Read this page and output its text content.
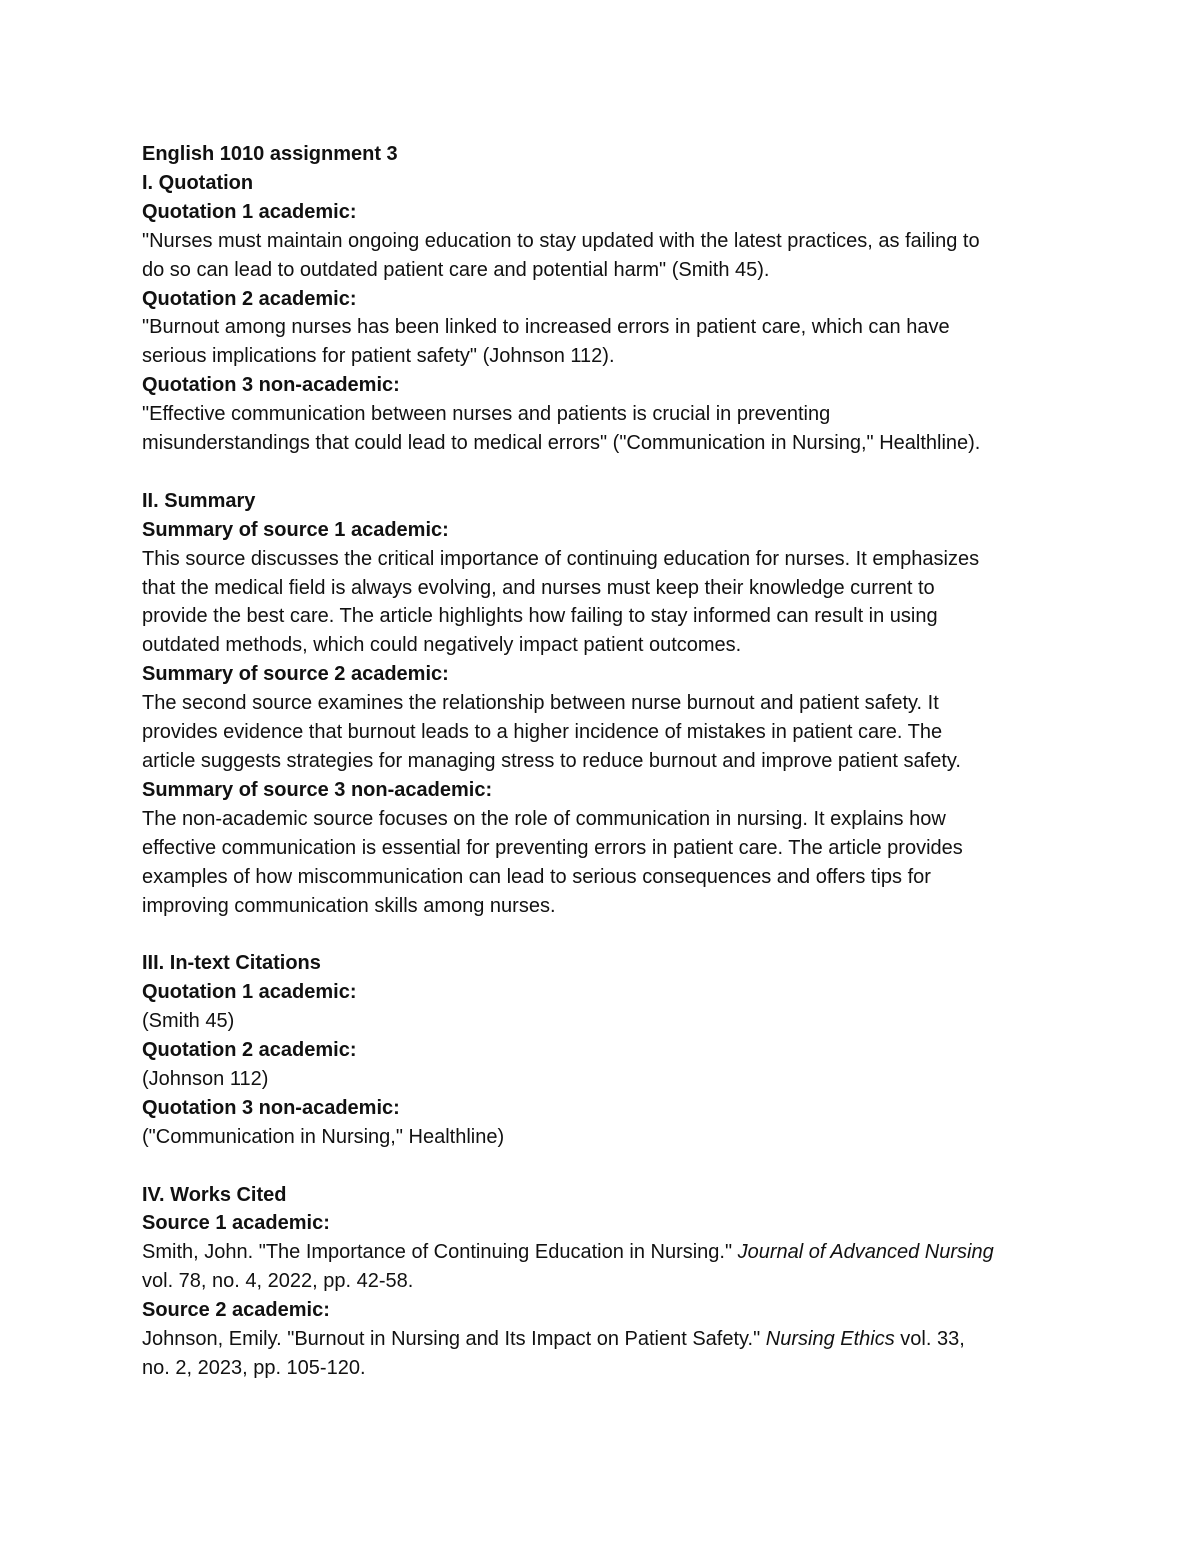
English 1010 assignment 3
I. Quotation
Quotation 1 academic:
"Nurses must maintain ongoing education to stay updated with the latest practices, as failing to
do so can lead to outdated patient care and potential harm" (Smith 45).
Quotation 2 academic:
"Burnout among nurses has been linked to increased errors in patient care, which can have
serious implications for patient safety" (Johnson 112).
Quotation 3 non-academic:
"Effective communication between nurses and patients is crucial in preventing
misunderstandings that could lead to medical errors" ("Communication in Nursing," Healthline).
II. Summary
Summary of source 1 academic:
This source discusses the critical importance of continuing education for nurses. It emphasizes
that the medical field is always evolving, and nurses must keep their knowledge current to
provide the best care. The article highlights how failing to stay informed can result in using
outdated methods, which could negatively impact patient outcomes.
Summary of source 2 academic:
The second source examines the relationship between nurse burnout and patient safety. It
provides evidence that burnout leads to a higher incidence of mistakes in patient care. The
article suggests strategies for managing stress to reduce burnout and improve patient safety.
Summary of source 3 non-academic:
The non-academic source focuses on the role of communication in nursing. It explains how
effective communication is essential for preventing errors in patient care. The article provides
examples of how miscommunication can lead to serious consequences and offers tips for
improving communication skills among nurses.
III. In-text Citations
Quotation 1 academic:
(Smith 45)
Quotation 2 academic:
(Johnson 112)
Quotation 3 non-academic:
("Communication in Nursing," Healthline)
IV. Works Cited
Source 1 academic:
Smith, John. "The Importance of Continuing Education in Nursing." Journal of Advanced Nursing
vol. 78, no. 4, 2022, pp. 42-58.
Source 2 academic:
Johnson, Emily. "Burnout in Nursing and Its Impact on Patient Safety." Nursing Ethics vol. 33,
no. 2, 2023, pp. 105-120.
